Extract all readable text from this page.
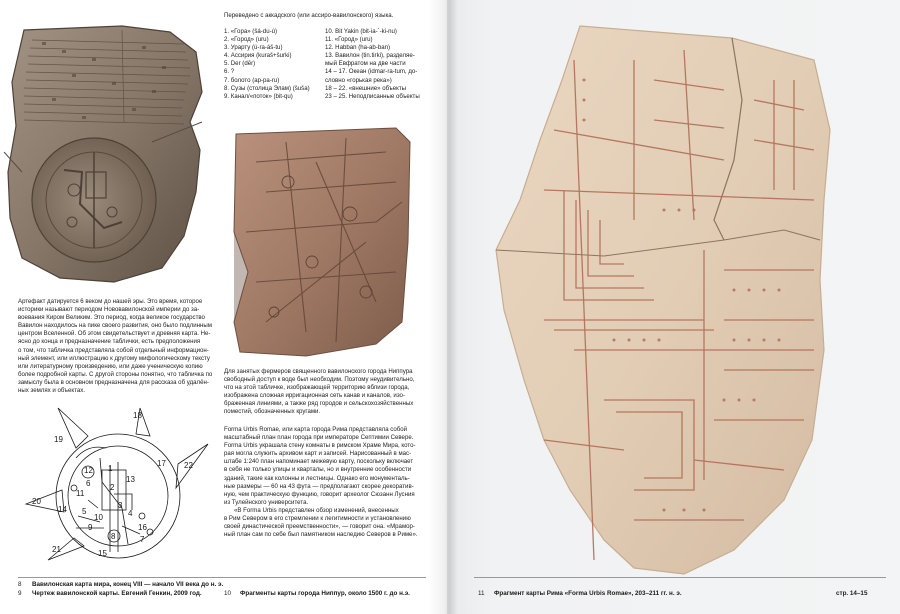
Переведено с аккадского (или ассиро-вавилонского) языка.
1. «Гора» (šá-du-ú)
2. «Город» (uru)
3. Урарту (ú-ra-áš-tu)
4. Ассирия (kuraš+šurki)
5. Der (dēr)
6. ?
7. болото (ap-pa-ru)
8. Сузы (столица Элам) (šuša)
9. Канал/«поток» (bit-qu)
10. Bit Yakin (bit-ia-´-ki-nu)
11. «Город» (uru)
12. Habban (ha-ab-ban)
13. Вавилон (tin.tirki), разделяе-
мый Евфратом на две части
14 – 17. Океан (idmar-ra-tum, до-
словно «горькая река»)
18 – 22. «внешние» объекты
23 – 25. Неподписанные объекты

Артефакт датируется 6 веком до нашей эры. Это время, которое

историки называют периодом Нововавилонской империи до за-

воевания Киром Великим. Это период, когда великое государство

Вавилон находилось на пике своего развития, оно было подлинным

центром Вселенной. Об этом свидетельствует и древняя карта. Не-

ясно до конца и предназначение таблички, есть предположения

о том, что табличка представляла собой отдельный информацион-

ный элемент, или иллюстрацию к другому мифологическому тексту

или литературному произведению, или даже ученическую копию

более подробной карты. С другой стороны понятно, что табличка по

замыслу была в основном предназначена для рассказа об удалён-

ных землях и объектах.

18
19
17 22
20
14
21	15
12 1
13
2
3
4
11
5
10
9	16
7
8
6

Для занятых фермеров священного вавилонского города Ниппура

свободный доступ к воде был необходим. Поэтому неудивительно,

что на этой табличке, изображающей территорию вблизи города,

изображена сложная ирригационная сеть канав и каналов, изо-

браженная линиями, а также ряд городов и сельскохозяйственных

поместий, обозначенных кругами.

Forma Urbis Romae, или карта города Рима представляла собой

масштабный план план города при императоре Септимии Севере.

Forma Urbis украшала стену комнаты в римском Храме Мира, кото-

рая могла служить архивом карт и записей. Нарисованный в мас-

штабе 1:240 план напоминает межевую карту, поскольку включает

в себя не только улицы и кварталы, но и внутренние особенности

зданий, такие как колонны и лестницы. Однако его монументаль-

ные размеры — 60 на 43 фута — предполагают скорее декоратив-

ную, чем практическую функцию, говорит археолог Сюзанн Лусния

из Тулейнского университета.

«В Forma Urbis представлен обзор изменений, внесенных

в Рим Севером в его стремлении к легитимности и установлению

своей династической преемственности», — говорит она. «Мрамор-

ный план сам по себе был памятником наследию Северов в Риме».

8 Вавилонская карта мира, конец VIII — начало VII века до н. э.
9 Чертеж вавилонской карты. Евгений Генкин, 2009 год.	10 Фрагменты карты города Ниппур, около 1500 г. до н.э.	11 Фрагмент карты Рима «Forma Urbis Romae», 203–211 гг. н. э.	стр. 14–15
